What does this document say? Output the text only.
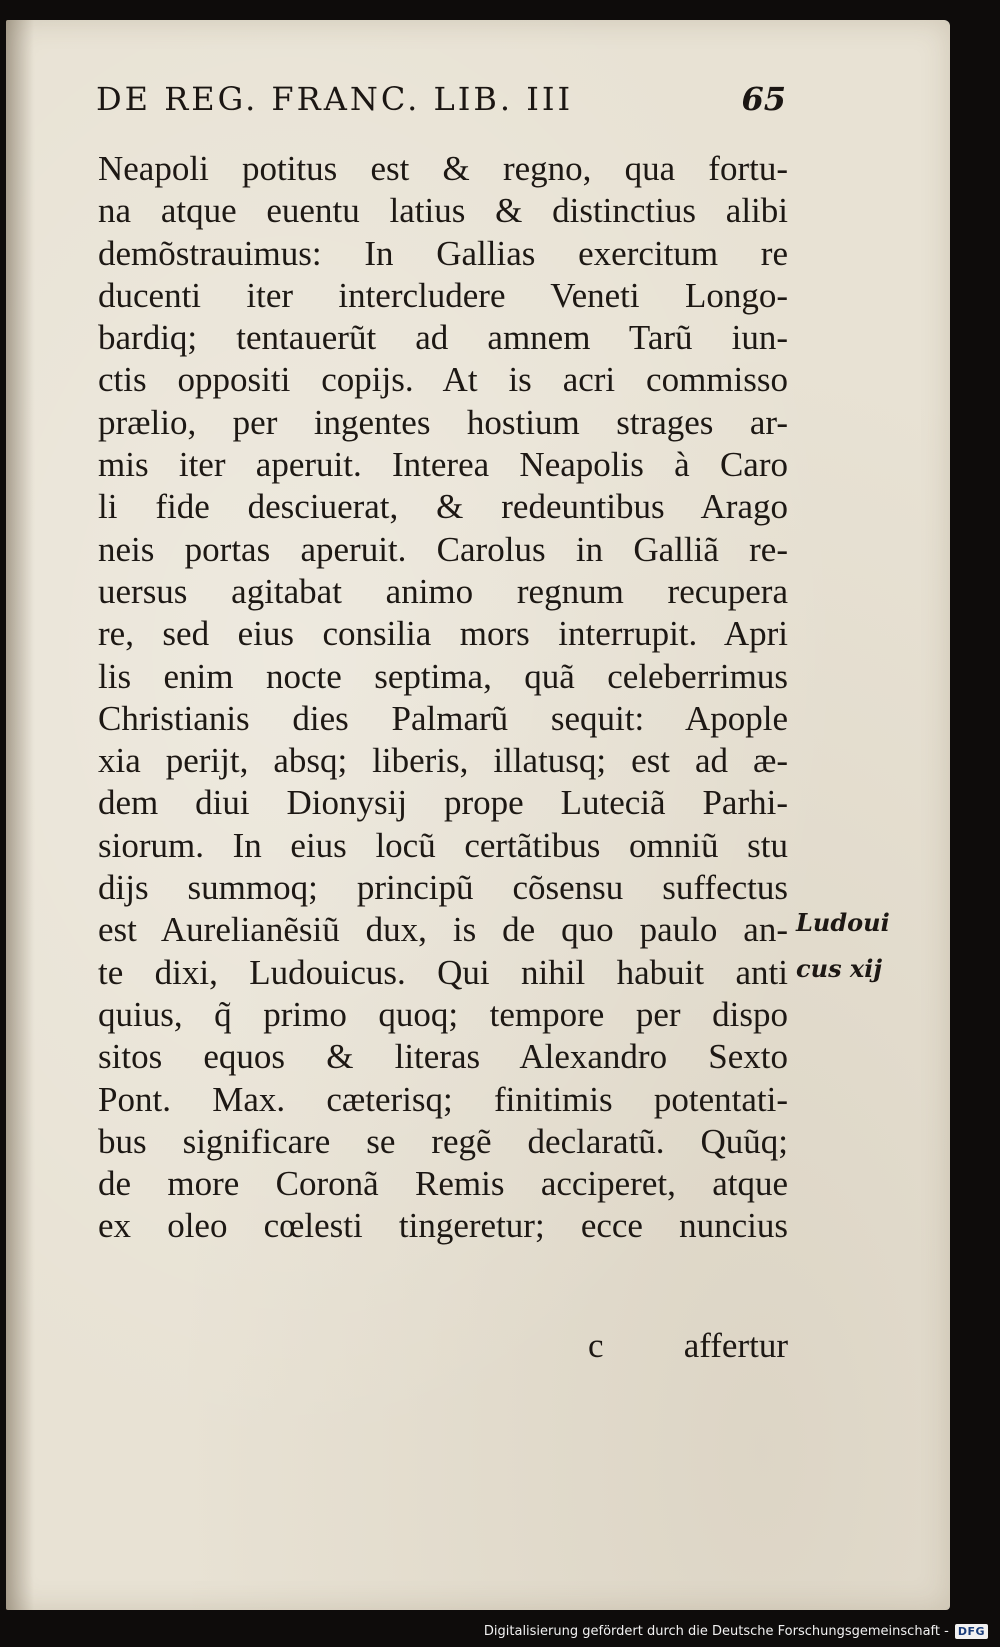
DE REG. FRANC. LIB. III	65
Neapoli potitus est & regno, qua fortu-
na atque euentu latius & distinctius alibi
demõstrauimus: In Gallias exercitum re
ducenti iter intercludere Veneti Longo-
bardiq; tentauerũt ad amnem Tarũ iun-
ctis oppositi copijs. At is acri commisso
prælio, per ingentes hostium strages ar-
mis iter aperuit. Interea Neapolis à Caro
li fide desciuerat, & redeuntibus Arago
neis portas aperuit. Carolus in Galliã re-
uersus agitabat animo regnum recupera
re, sed eius consilia mors interrupit. Apri
lis enim nocte septima, quã celeberrimus
Christianis dies Palmarũ sequit: Apople
xia perijt, absq; liberis, illatusq; est ad æ-
dem diui Dionysij prope Luteciã Parhi-
siorum. In eius locũ certãtibus omniũ stu
dijs summoq; principũ cõsensu suffectus
est Aurelianẽsiũ dux, is de quo paulo an-
te dixi, Ludouicus. Qui nihil habuit anti
quius, q̃ primo quoq; tempore per dispo
sitos equos & literas Alexandro Sexto
Pont. Max. cæterisq; finitimis potentati-
bus significare se regẽ declaratũ. Quũq;
de more Coronã Remis acciperet, atque
ex oleo cœlesti tingeretur; ecce nuncius
Ludoui
cus xij
c affertur
Digitalisierung gefördert durch die Deutsche Forschungsgemeinschaft - DFG
